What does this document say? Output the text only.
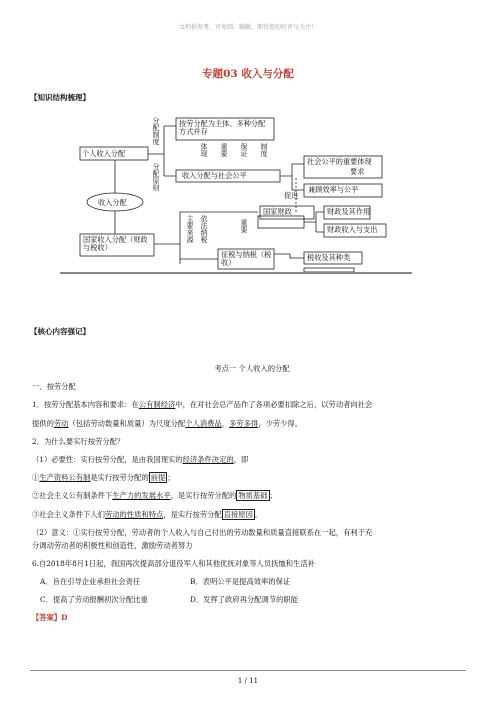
文档供参考，可复制、编辑，期待您的好评与关注！
专题03 收入与分配
【知识结构梳理】
个人收入分配
分配制度
分配原则
按劳分配为主体、多种分配方式并存
体现
重要
保证
制度
收入分配与社会公平
社会公平的重要体现
要求
兼顾效率与公平
促进
收入分配
国家财政	财政及其作用
财政收入与支出
国家收入分配（财政与税收）
主要来源
依法纳税
重要
征税与纳税（税收）
税收及其种类
【核心内容强记】

考点一 个人收入的分配

一、按劳分配

1．按劳分配基本内容和要求：在公有制经济中，在对社会总产品作了各项必要扣除之后，以劳动者向社会

提供的劳动（包括劳动数量和质量）为尺度分配个人消费品，多劳多得，少劳少得。

2．为什么要实行按劳分配？

（1）必要性：实行按劳分配，是由我国现实的经济条件决定的，即

①生产资料公有制是实行按劳分配的 前提 ；

②社会主义公有制条件下生产力的发展水平，是实行按劳分配的 物质基础 ；

③社会主义条件下人们劳动的性质和特点，是实行按劳分配 直接原因 。

（2）意义：①实行按劳分配，劳动者的个人收入与自己付出的劳动数量和质量直接联系在一起，有利于充

分调动劳动者的积极性和创造性，激励劳动者努力

6.自2018年8月1日起，我国再次提高部分退役军人和其他优抚对象等人员抚恤和生活补

A．旨在引导企业承担社会责任	B．表明公平是提高效率的保证

C．提高了劳动报酬初次分配比重	D．发挥了政府再分配调节的职能

【答案】D

1 / 11
